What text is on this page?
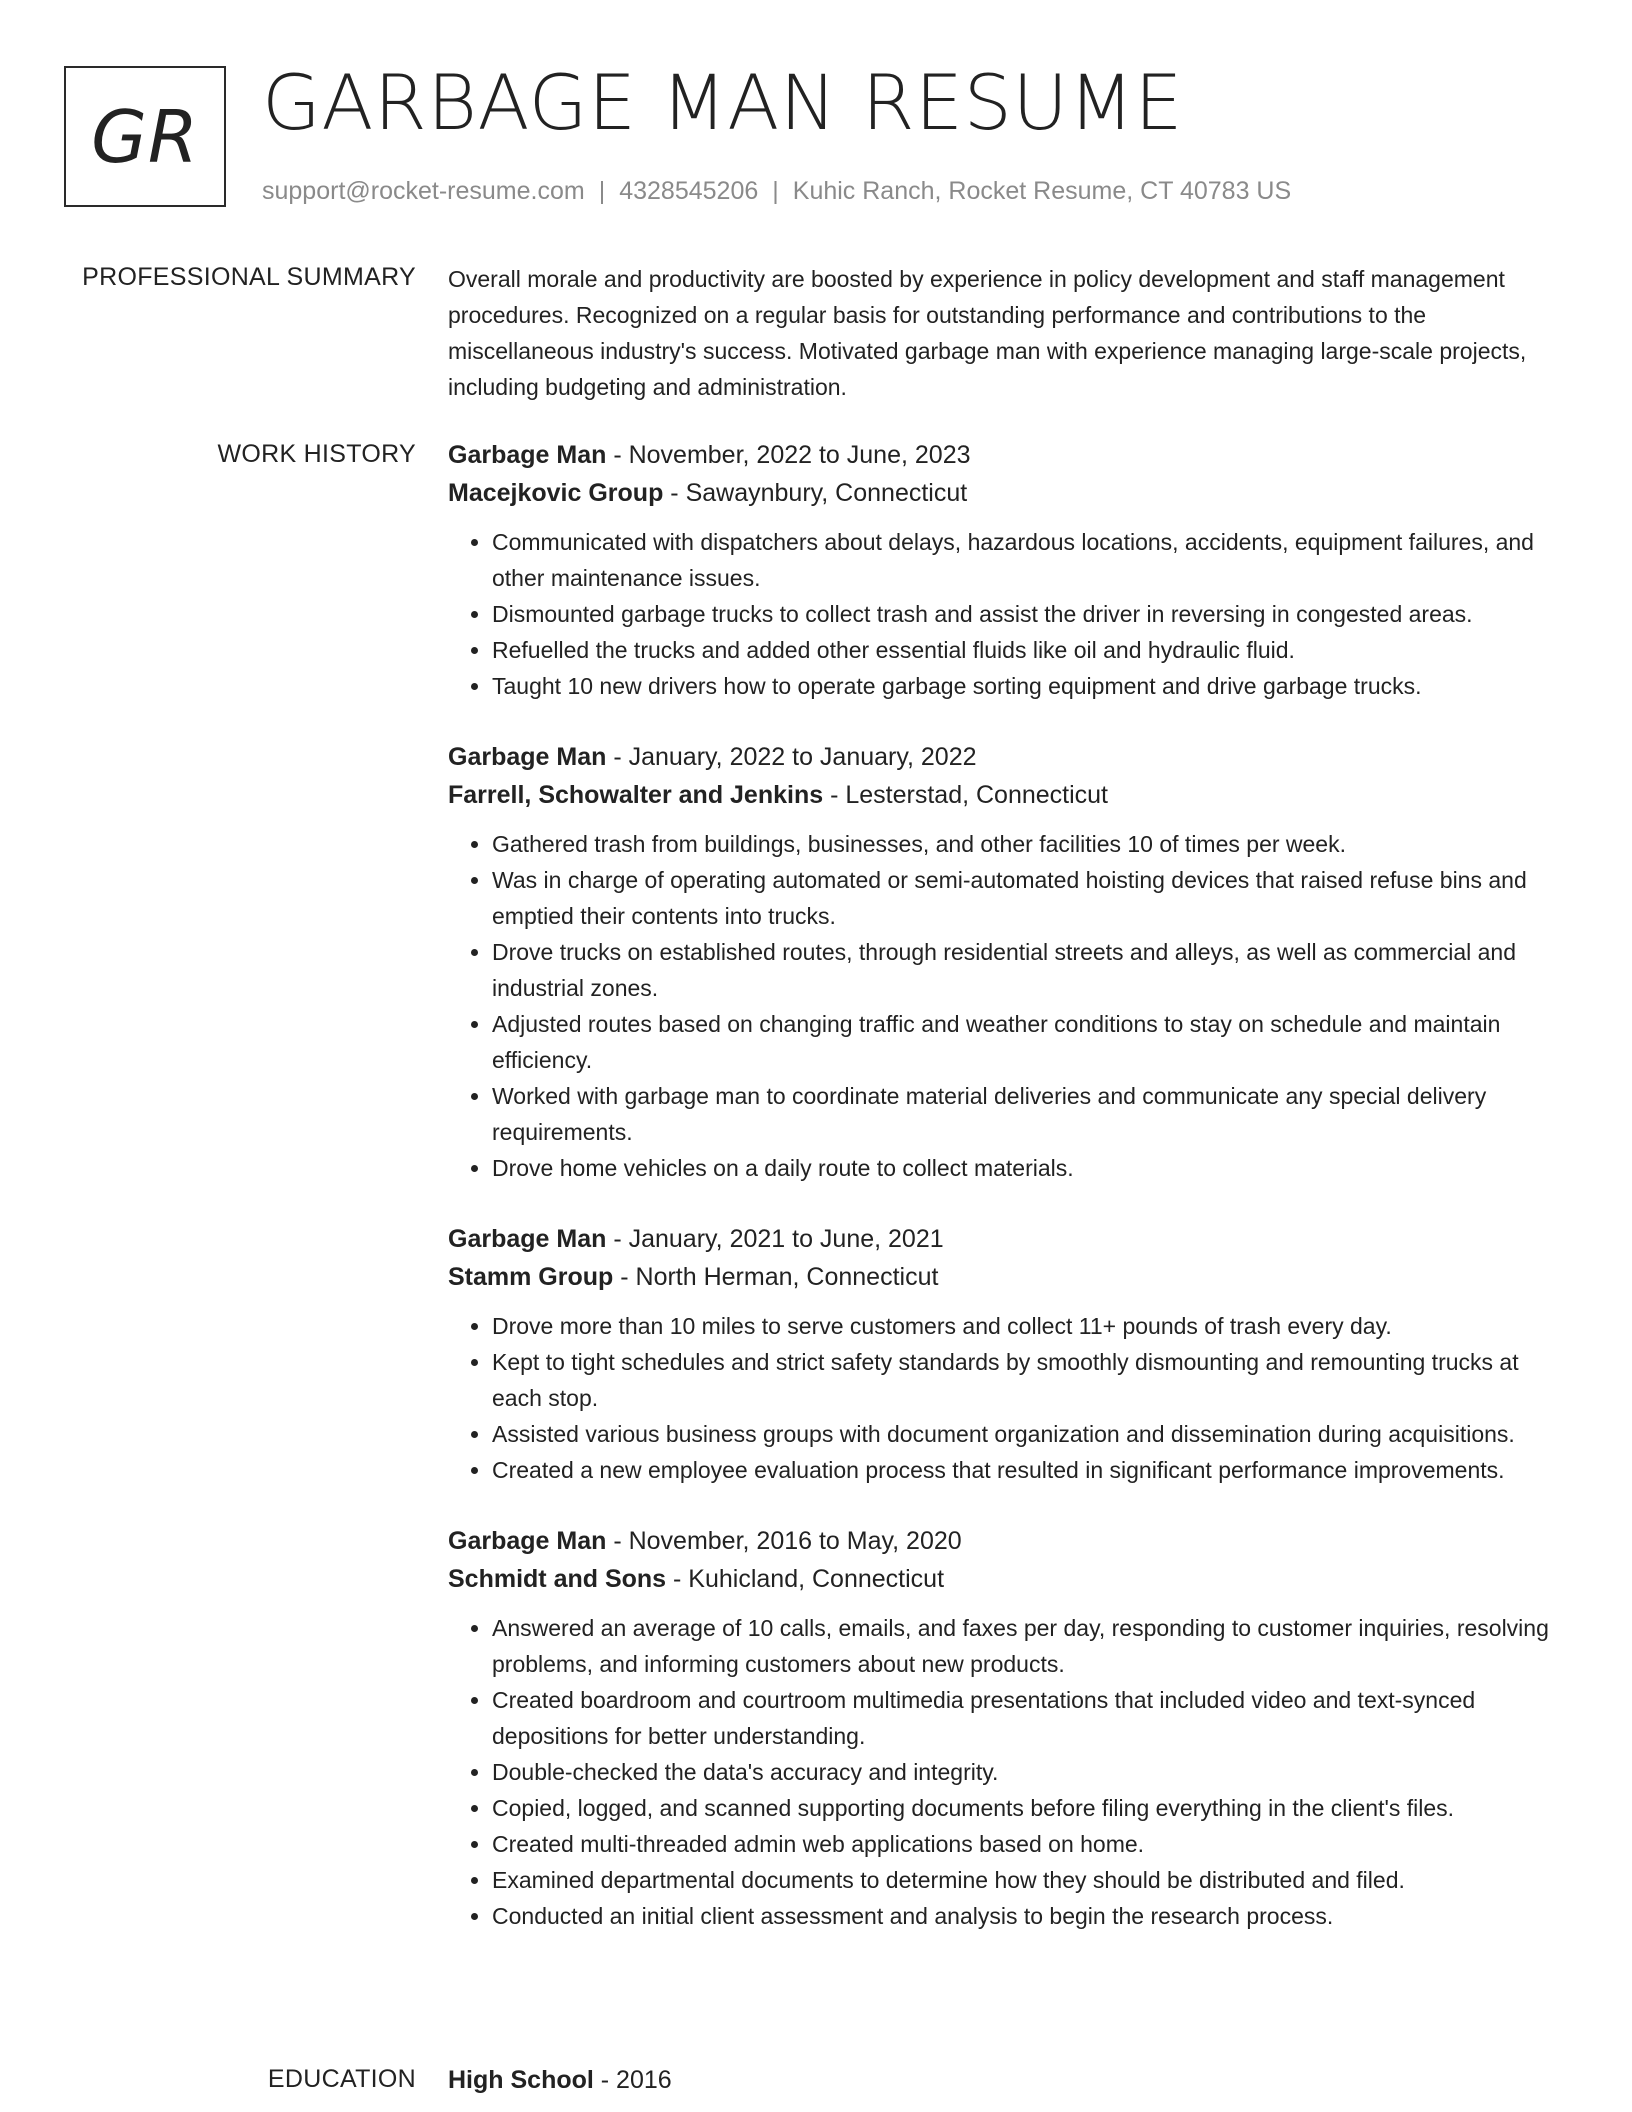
GR GARBAGE MAN RESUME
support@rocket-resume.com | 4328545206 | Kuhic Ranch, Rocket Resume, CT 40783 US
PROFESSIONAL SUMMARY Overall morale and productivity are boosted by experience in policy development and staff management procedures. Recognized on a regular basis for outstanding performance and contributions to the miscellaneous industry's success. Motivated garbage man with experience managing large-scale projects, including budgeting and administration.

WORK HISTORY Garbage Man - November, 2022 to June, 2023
Macejkovic Group - Sawaynbury, Connecticut
• Communicated with dispatchers about delays, hazardous locations, accidents, equipment failures, and other maintenance issues.
• Dismounted garbage trucks to collect trash and assist the driver in reversing in congested areas.
• Refuelled the trucks and added other essential fluids like oil and hydraulic fluid.
• Taught 10 new drivers how to operate garbage sorting equipment and drive garbage trucks.
Garbage Man - January, 2022 to January, 2022
Farrell, Schowalter and Jenkins - Lesterstad, Connecticut
• Gathered trash from buildings, businesses, and other facilities 10 of times per week.
• Was in charge of operating automated or semi-automated hoisting devices that raised refuse bins and emptied their contents into trucks.
• Drove trucks on established routes, through residential streets and alleys, as well as commercial and industrial zones.
• Adjusted routes based on changing traffic and weather conditions to stay on schedule and maintain efficiency.
• Worked with garbage man to coordinate material deliveries and communicate any special delivery requirements.
• Drove home vehicles on a daily route to collect materials.
Garbage Man - January, 2021 to June, 2021
Stamm Group - North Herman, Connecticut
• Drove more than 10 miles to serve customers and collect 11+ pounds of trash every day.
• Kept to tight schedules and strict safety standards by smoothly dismounting and remounting trucks at each stop.
• Assisted various business groups with document organization and dissemination during acquisitions.
• Created a new employee evaluation process that resulted in significant performance improvements.
Garbage Man - November, 2016 to May, 2020
Schmidt and Sons - Kuhicland, Connecticut
• Answered an average of 10 calls, emails, and faxes per day, responding to customer inquiries, resolving problems, and informing customers about new products.
• Created boardroom and courtroom multimedia presentations that included video and text-synced depositions for better understanding.
• Double-checked the data's accuracy and integrity.
• Copied, logged, and scanned supporting documents before filing everything in the client's files.
• Created multi-threaded admin web applications based on home.
• Examined departmental documents to determine how they should be distributed and filed.
• Conducted an initial client assessment and analysis to begin the research process.
EDUCATION High School - 2016
